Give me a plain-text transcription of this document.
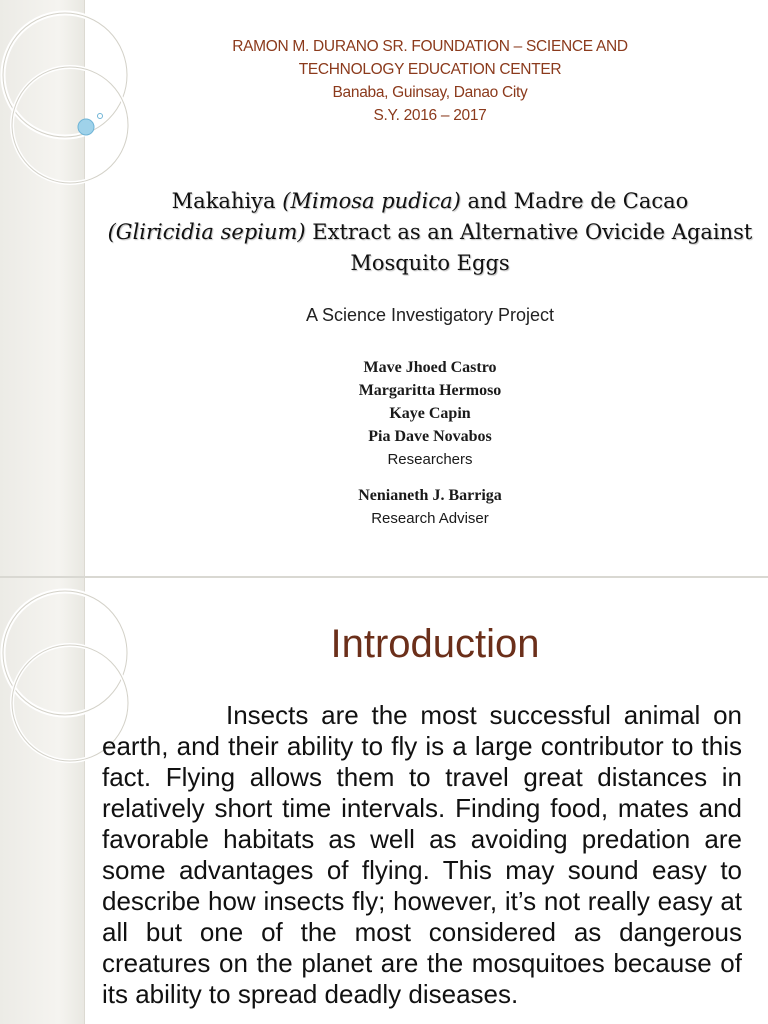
RAMON M. DURANO SR. FOUNDATION – SCIENCE AND
TECHNOLOGY EDUCATION CENTER
Banaba, Guinsay, Danao City
S.Y. 2016 – 2017
Makahiya (Mimosa pudica) and Madre de Cacao
(Gliricidia sepium) Extract as an Alternative Ovicide Against Mosquito Eggs
A Science Investigatory Project
Mave Jhoed Castro
Margaritta Hermoso
Kaye Capin
Pia Dave Novabos
Researchers
Nenianeth J. Barriga
Research Adviser
Introduction
Insects are the most successful animal on earth, and their ability to fly is a large contributor to this fact. Flying allows them to travel great distances in relatively short time intervals. Finding food, mates and favorable habitats as well as avoiding predation are some advantages of flying. This may sound easy to describe how insects fly; however, it’s not really easy at all but one of the most considered as dangerous creatures on the planet are the mosquitoes because of its ability to spread deadly diseases.
